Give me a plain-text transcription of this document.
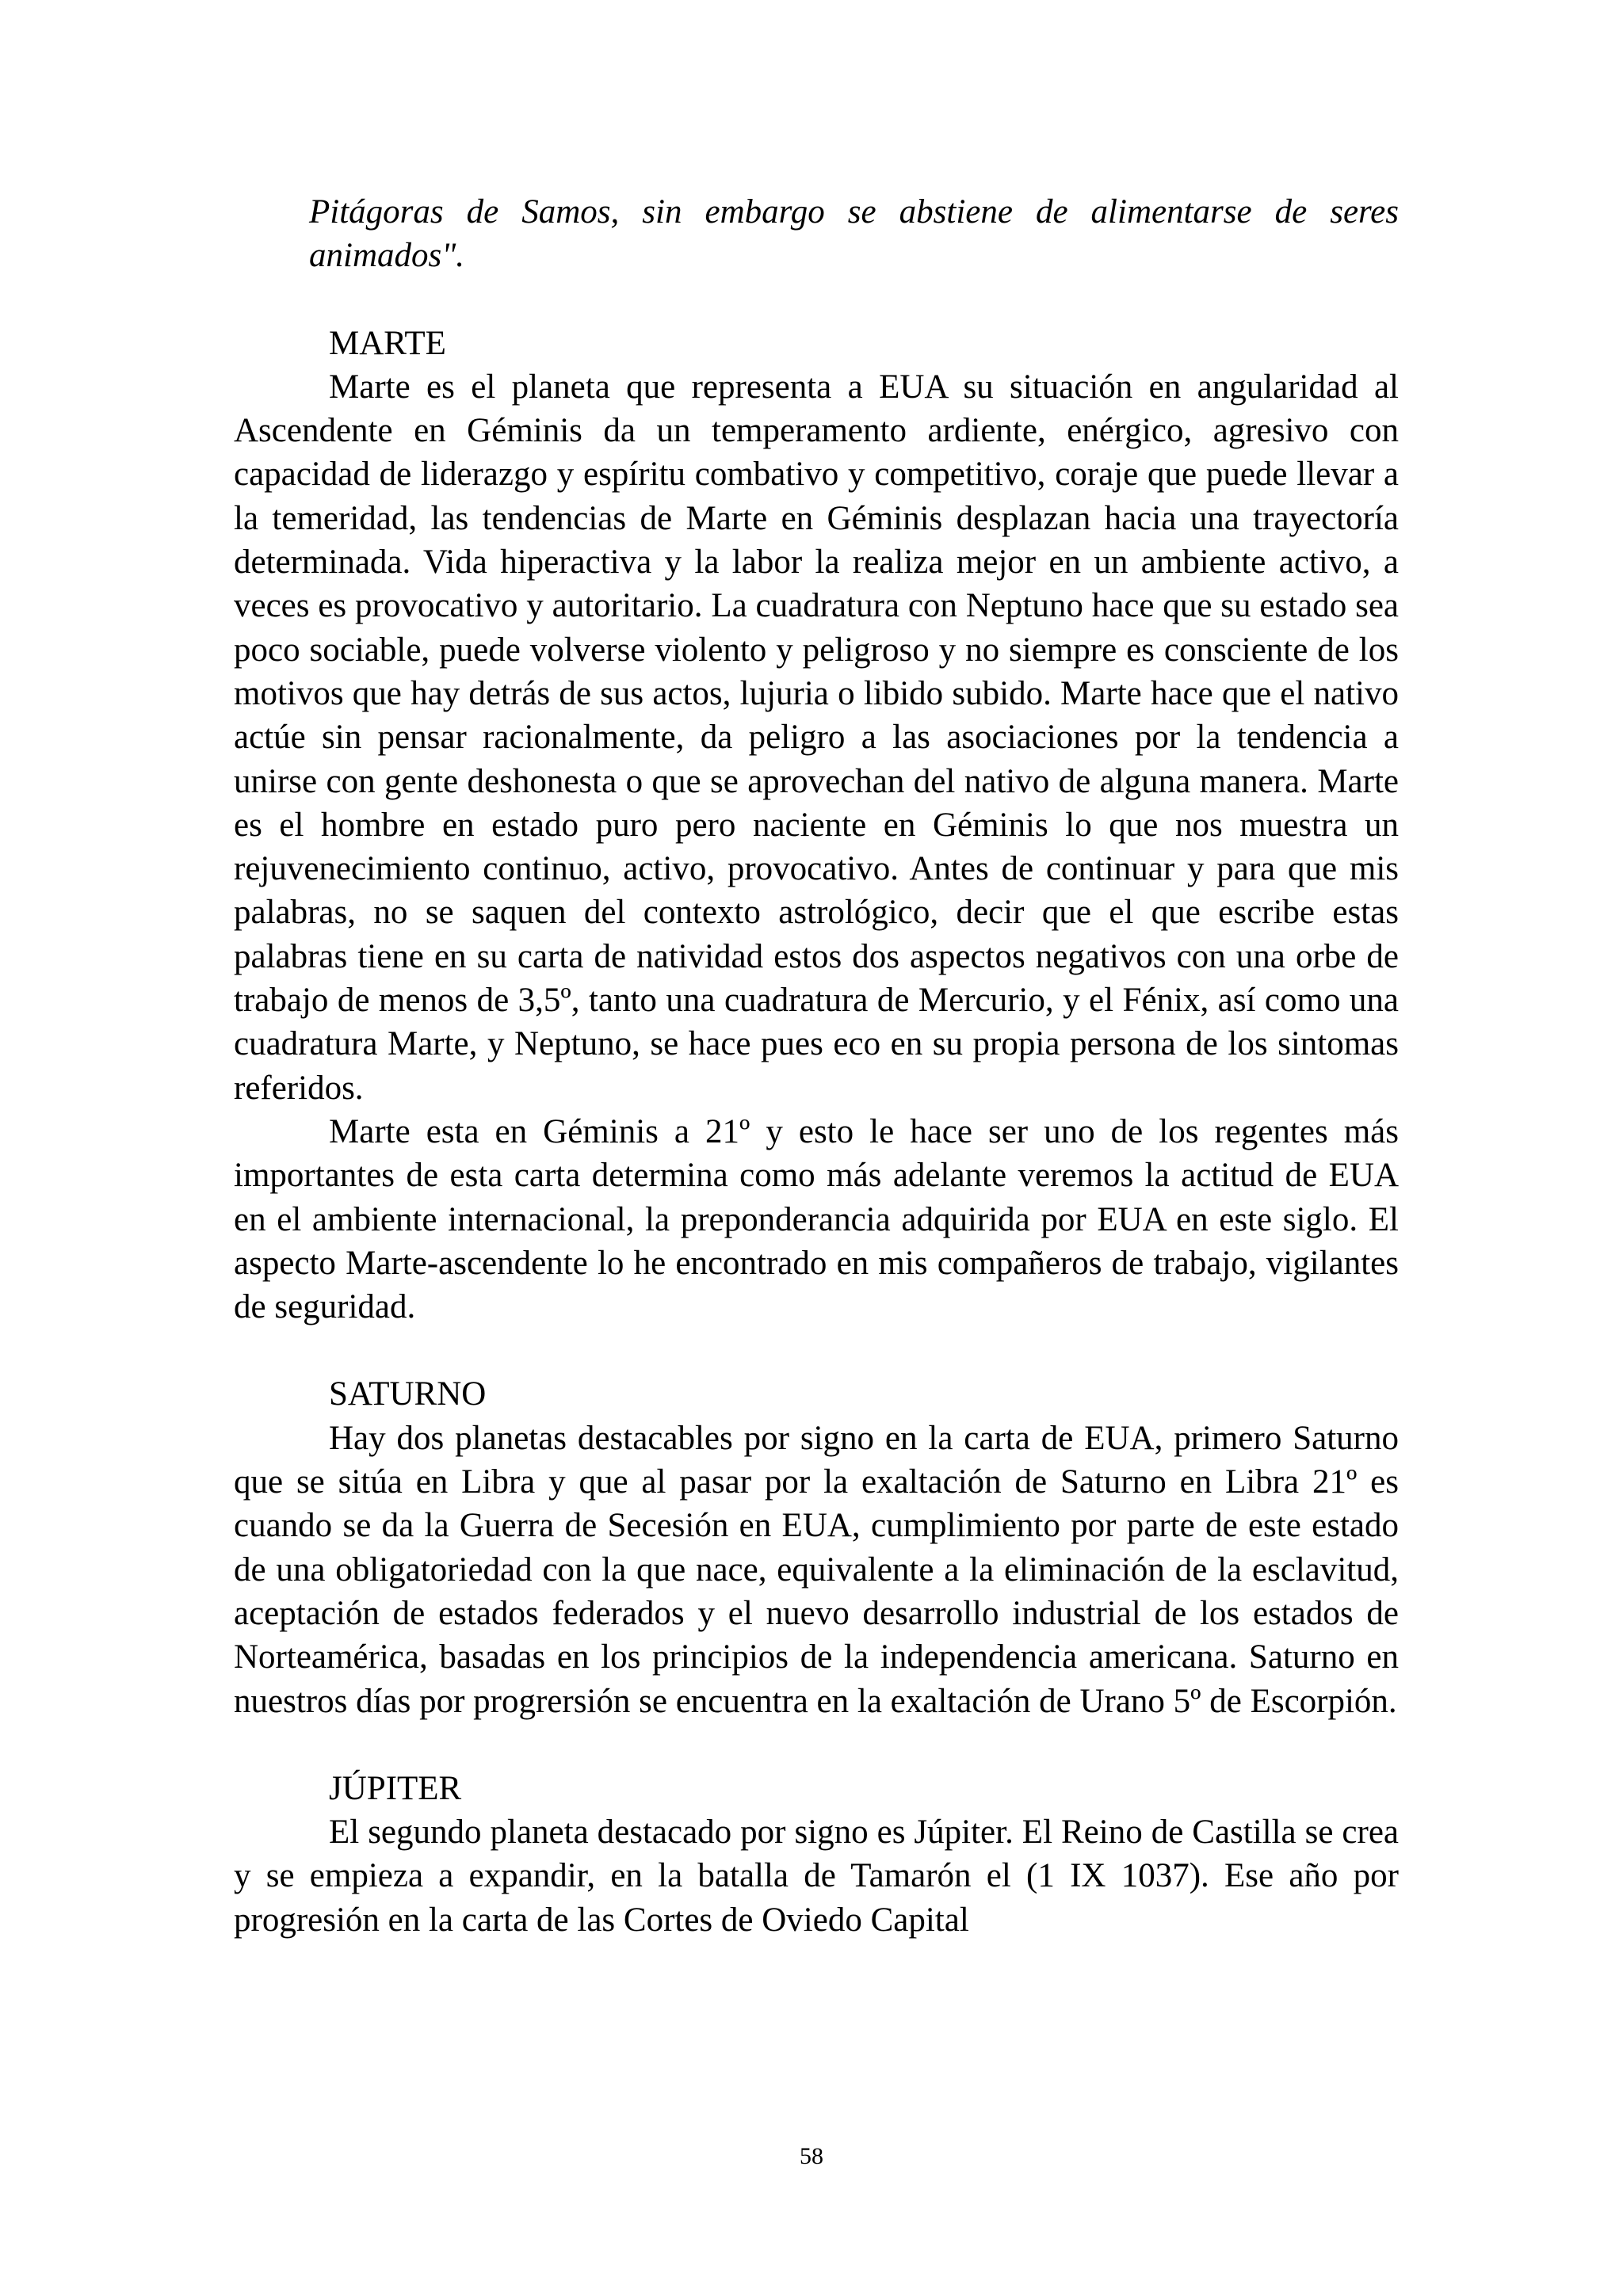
Pitágoras de Samos, sin embargo se abstiene de alimentarse de seres animados".

MARTE

Marte es el planeta que representa a EUA su situación en angularidad al Ascendente en Géminis da un temperamento ardiente, enérgico, agresivo con capacidad de liderazgo y espíritu combativo y competitivo, coraje que puede llevar a la temeridad, las tendencias de Marte en Géminis desplazan hacia una trayectoría determinada. Vida hiperactiva y la labor la realiza mejor en un ambiente activo, a veces es provocativo y autoritario. La cuadratura con Neptuno hace que su estado sea poco sociable, puede volverse violento y peligroso y no siempre es consciente de los motivos que hay detrás de sus actos, lujuria o libido subido. Marte hace que el nativo actúe sin pensar racionalmente, da peligro a las asociaciones por la tendencia a unirse con gente deshonesta o que se aprovechan del nativo de alguna manera. Marte es el hombre en estado puro pero naciente en Géminis lo que nos muestra un rejuvenecimiento continuo, activo, provocativo. Antes de continuar y para que mis palabras, no se saquen del contexto astrológico, decir que el que escribe estas palabras tiene en su carta de natividad estos dos aspectos negativos con una orbe de trabajo de menos de 3,5º, tanto una cuadratura de Mercurio, y el Fénix, así como una cuadratura Marte, y Neptuno, se hace pues eco en su propia persona de los sintomas referidos.

Marte esta en Géminis a 21º y esto le hace ser uno de los regentes más importantes de esta carta determina como más adelante veremos la actitud de EUA en el ambiente internacional, la preponderancia adquirida por EUA en este siglo. El aspecto Marte-ascendente lo he encontrado en mis compañeros de trabajo, vigilantes de seguridad.

SATURNO

Hay dos planetas destacables por signo en la carta de EUA, primero Saturno que se sitúa en Libra y que al pasar por la exaltación de Saturno en Libra 21º es cuando se da la Guerra de Secesión en EUA, cumplimiento por parte de este estado de una obligatoriedad con la que nace, equivalente a la eliminación de la esclavitud, aceptación de estados federados y el nuevo desarrollo industrial de los estados de Norteamérica, basadas en los principios de la independencia americana. Saturno en nuestros días por progrersión se encuentra en la exaltación de Urano 5º de Escorpión.

JÚPITER

El segundo planeta destacado por signo es Júpiter. El Reino de Castilla se crea y se empieza a expandir, en la batalla de Tamarón el (1 IX 1037). Ese año por progresión en la carta de las Cortes de Oviedo Capital

58
